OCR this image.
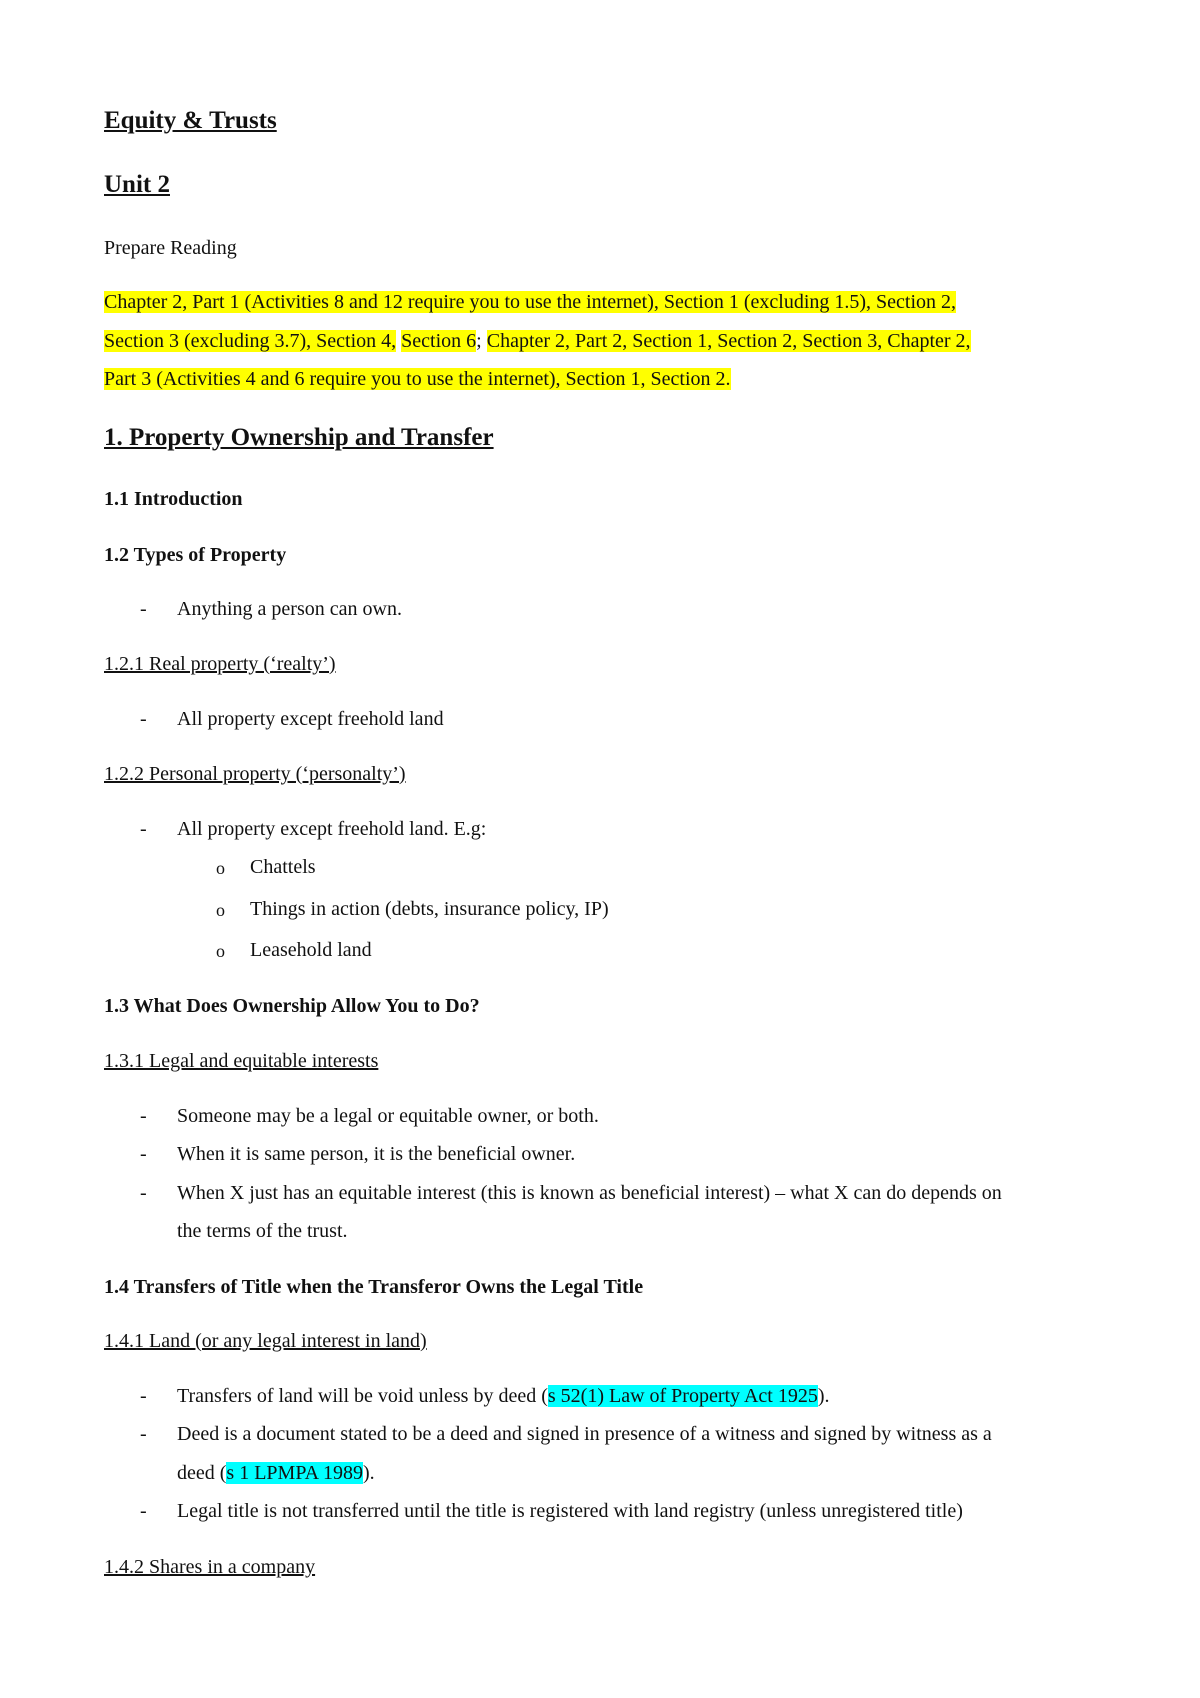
Equity & Trusts
Unit 2
Prepare Reading
Chapter 2, Part 1 (Activities 8 and 12 require you to use the internet), Section 1 (excluding 1.5), Section 2,
Section 3 (excluding 3.7), Section 4, Section 6; Chapter 2, Part 2, Section 1, Section 2, Section 3, Chapter 2,
Part 3 (Activities 4 and 6 require you to use the internet), Section 1, Section 2.
1. Property Ownership and Transfer
1.1 Introduction
1.2 Types of Property
- Anything a person can own.
1.2.1 Real property (‘realty’)
- All property except freehold land
1.2.2 Personal property (‘personalty’)
- All property except freehold land. E.g:
o Chattels
o Things in action (debts, insurance policy, IP)
o Leasehold land
1.3 What Does Ownership Allow You to Do?
1.3.1 Legal and equitable interests
- Someone may be a legal or equitable owner, or both.
- When it is same person, it is the beneficial owner.
- When X just has an equitable interest (this is known as beneficial interest) – what X can do depends on
the terms of the trust.
1.4 Transfers of Title when the Transferor Owns the Legal Title
1.4.1 Land (or any legal interest in land)
- Transfers of land will be void unless by deed (s 52(1) Law of Property Act 1925).
- Deed is a document stated to be a deed and signed in presence of a witness and signed by witness as a
deed (s 1 LPMPA 1989).
- Legal title is not transferred until the title is registered with land registry (unless unregistered title)
1.4.2 Shares in a company
